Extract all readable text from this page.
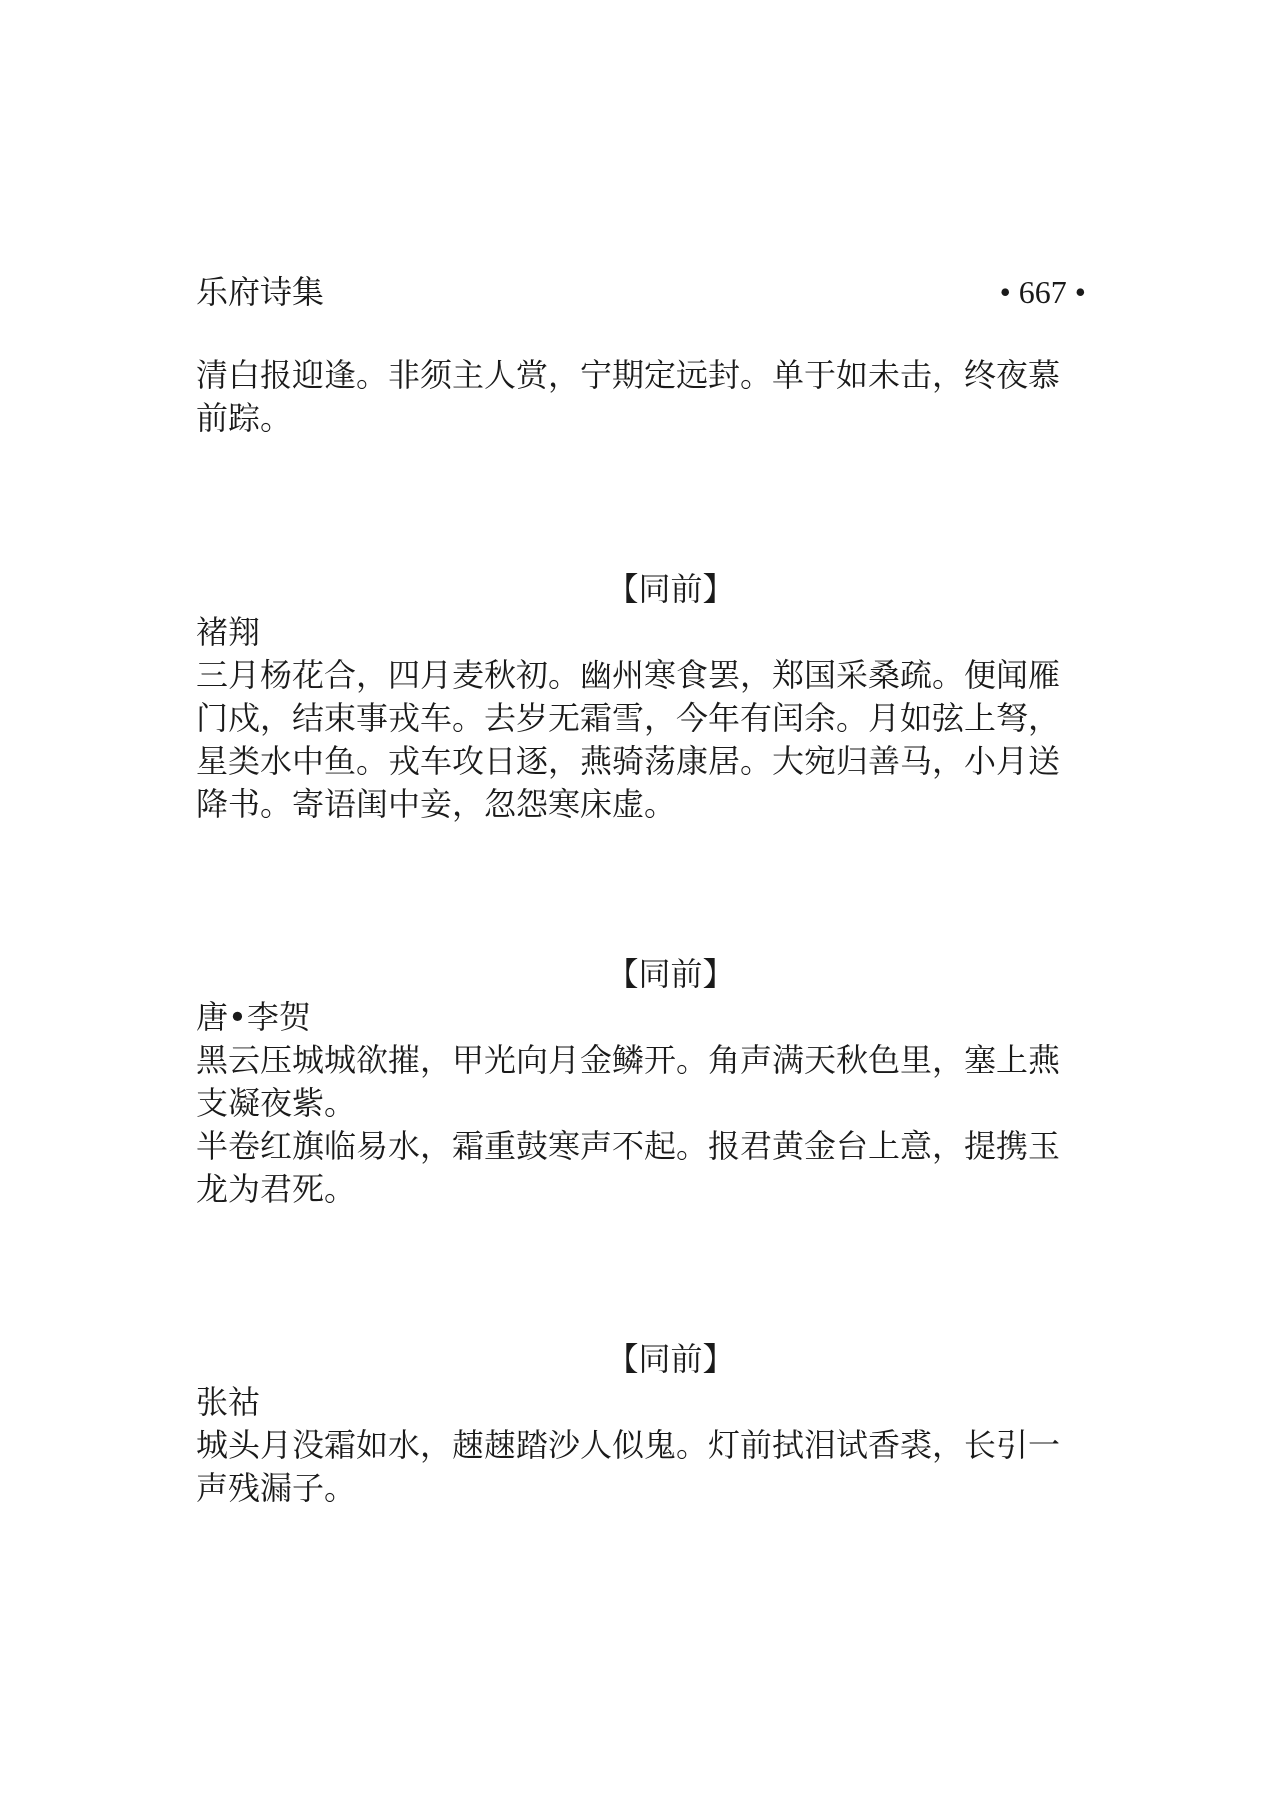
乐府诗集	• 667 •
清白报迎逢。非须主人赏，宁期定远封。单于如未击，终夜慕
前踪。
【同前】
褚翔
三月杨花合，四月麦秋初。幽州寒食罢，郑国采桑疏。便闻雁
门戍，结束事戎车。去岁无霜雪，今年有闰余。月如弦上弩，
星类水中鱼。戎车攻日逐，燕骑荡康居。大宛归善马，小月送
降书。寄语闺中妾，忽怨寒床虚。
【同前】
唐•李贺
黑云压城城欲摧，甲光向月金鳞开。角声满天秋色里，塞上燕
支凝夜紫。
半卷红旗临易水，霜重鼓寒声不起。报君黄金台上意，提携玉
龙为君死。
【同前】
张祜
城头月没霜如水，趚趚踏沙人似鬼。灯前拭泪试香裘，长引一
声残漏子。
